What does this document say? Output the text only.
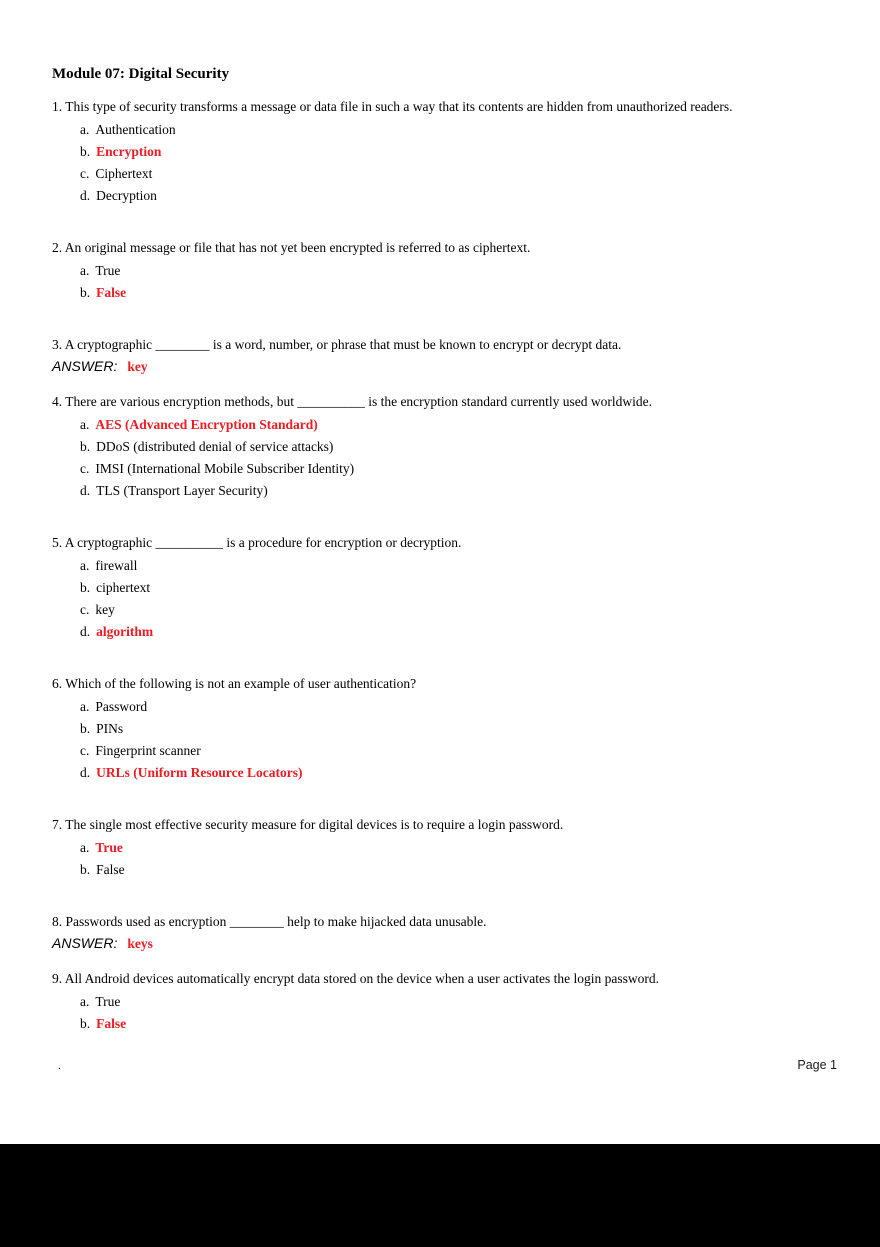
Module 07: Digital Security

1. This type of security transforms a message or data file in such a way that its contents are hidden from unauthorized readers.

a. Authentication
b. Encryption
c. Ciphertext
d. Decryption

2. An original message or file that has not yet been encrypted is referred to as ciphertext.

a. True
b. False

3. A cryptographic ________ is a word, number, or phrase that must be known to encrypt or decrypt data.

ANSWER: key

4. There are various encryption methods, but __________ is the encryption standard currently used worldwide.

a. AES (Advanced Encryption Standard)
b. DDoS (distributed denial of service attacks)
c. IMSI (International Mobile Subscriber Identity)
d. TLS (Transport Layer Security)

5. A cryptographic __________ is a procedure for encryption or decryption.

a. firewall
b. ciphertext
c. key
d. algorithm

6. Which of the following is not an example of user authentication?

a. Password
b. PINs
c. Fingerprint scanner
d. URLs (Uniform Resource Locators)

7. The single most effective security measure for digital devices is to require a login password.

a. True
b. False

8. Passwords used as encryption ________ help to make hijacked data unusable.

ANSWER: keys

9. All Android devices automatically encrypt data stored on the device when a user activates the login password.

a. True
b. False
.	Page 1
